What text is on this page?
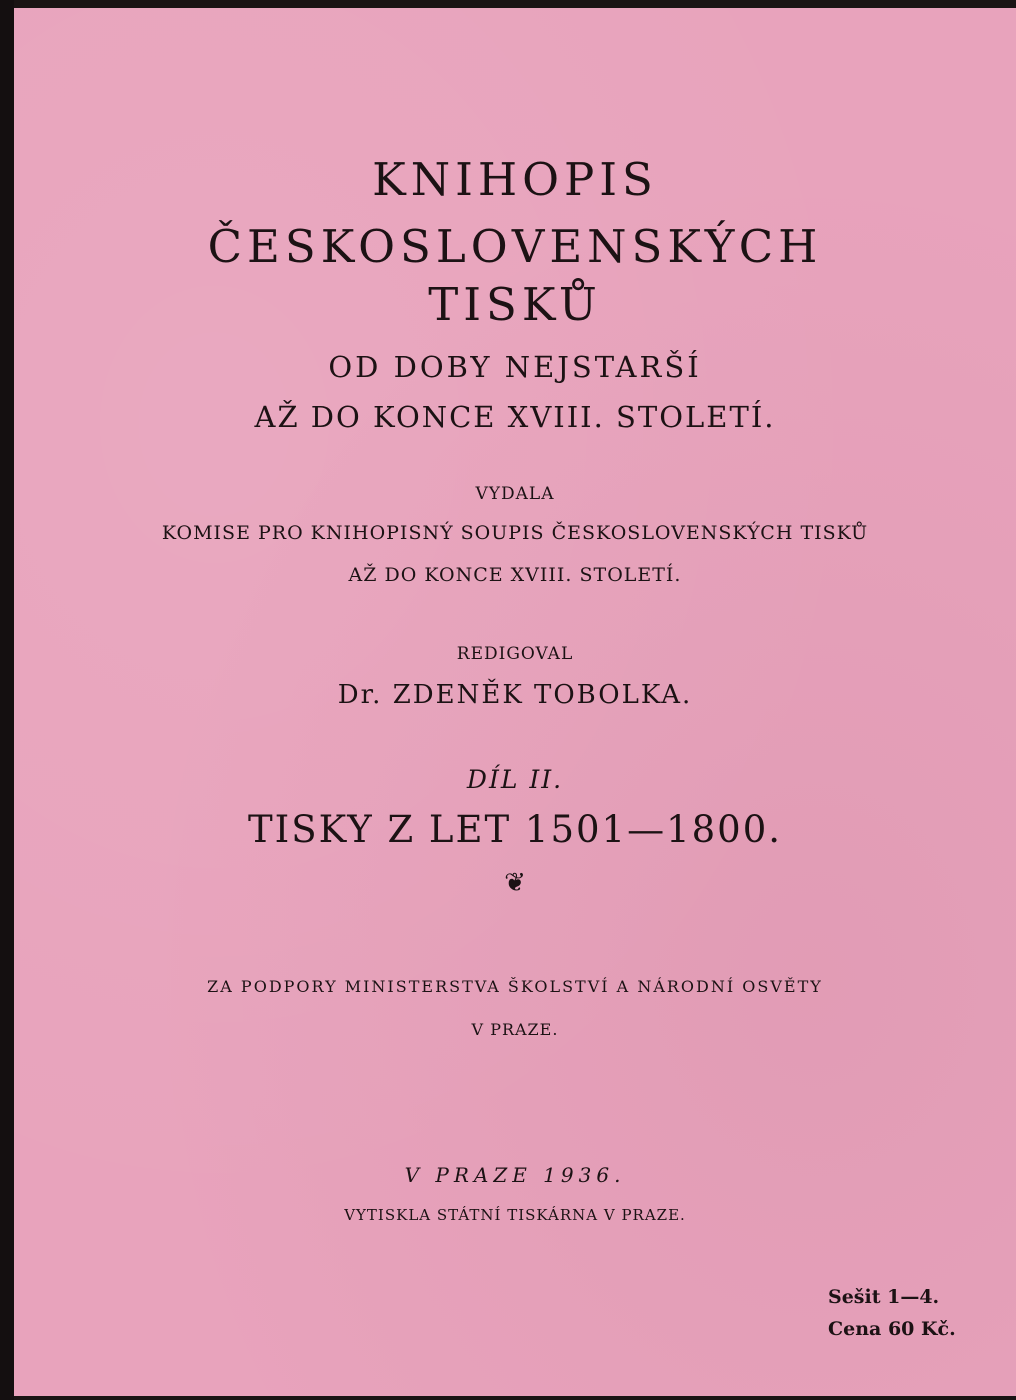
KNIHOPIS
ČESKOSLOVENSKÝCH
TISKŮ
OD DOBY NEJSTARŠÍ
AŽ DO KONCE XVIII. STOLETÍ.
VYDALA
KOMISE PRO KNIHOPISNÝ SOUPIS ČESKOSLOVENSKÝCH TISKŮ
AŽ DO KONCE XVIII. STOLETÍ.
REDIGOVAL
Dr. ZDENĚK TOBOLKA.
DÍL II.
TISKY Z LET 1501—1800.
❦
ZA PODPORY MINISTERSTVA ŠKOLSTVÍ A NÁRODNÍ OSVĚTY
V PRAZE.
V PRAZE 1936.
VYTISKLA STÁTNÍ TISKÁRNA V PRAZE.
Sešit 1—4.
Cena 60 Kč.
